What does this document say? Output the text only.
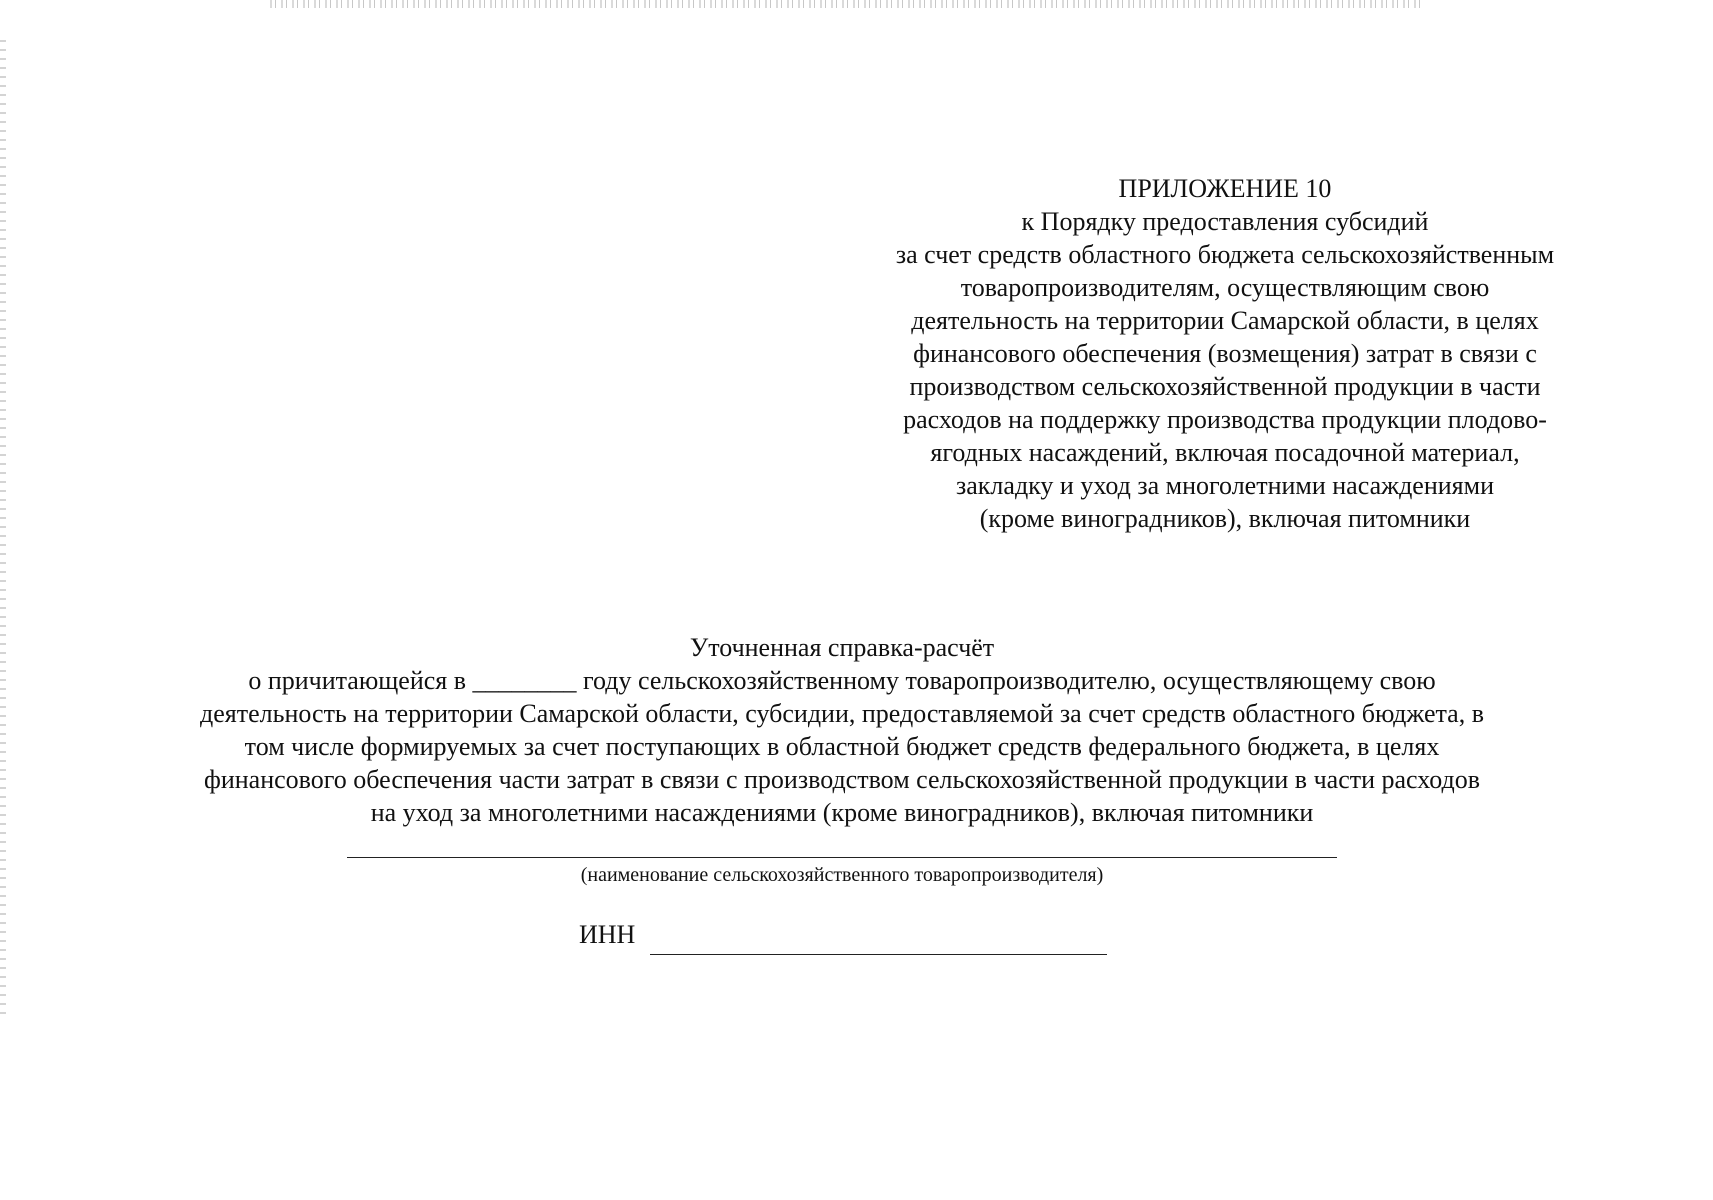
ПРИЛОЖЕНИЕ 10
к Порядку предоставления субсидий
за счет средств областного бюджета сельскохозяйственным
товаропроизводителям, осуществляющим свою
деятельность на территории Самарской области, в целях
финансового обеспечения (возмещения) затрат в связи с
производством сельскохозяйственной продукции в части
расходов на поддержку производства продукции плодово-
ягодных насаждений, включая посадочной материал,
закладку и уход за многолетними насаждениями
(кроме виноградников), включая питомники
Уточненная справка-расчёт
о причитающейся в ________ году сельскохозяйственному товаропроизводителю, осуществляющему свою
деятельность на территории Самарской области, субсидии, предоставляемой за счет средств областного бюджета, в
том числе формируемых за счет поступающих в областной бюджет средств федерального бюджета, в целях
финансового обеспечения части затрат в связи с производством сельскохозяйственной продукции в части расходов
на уход за многолетними насаждениями (кроме виноградников), включая питомники
(наименование сельскохозяйственного товаропроизводителя)
ИНН
